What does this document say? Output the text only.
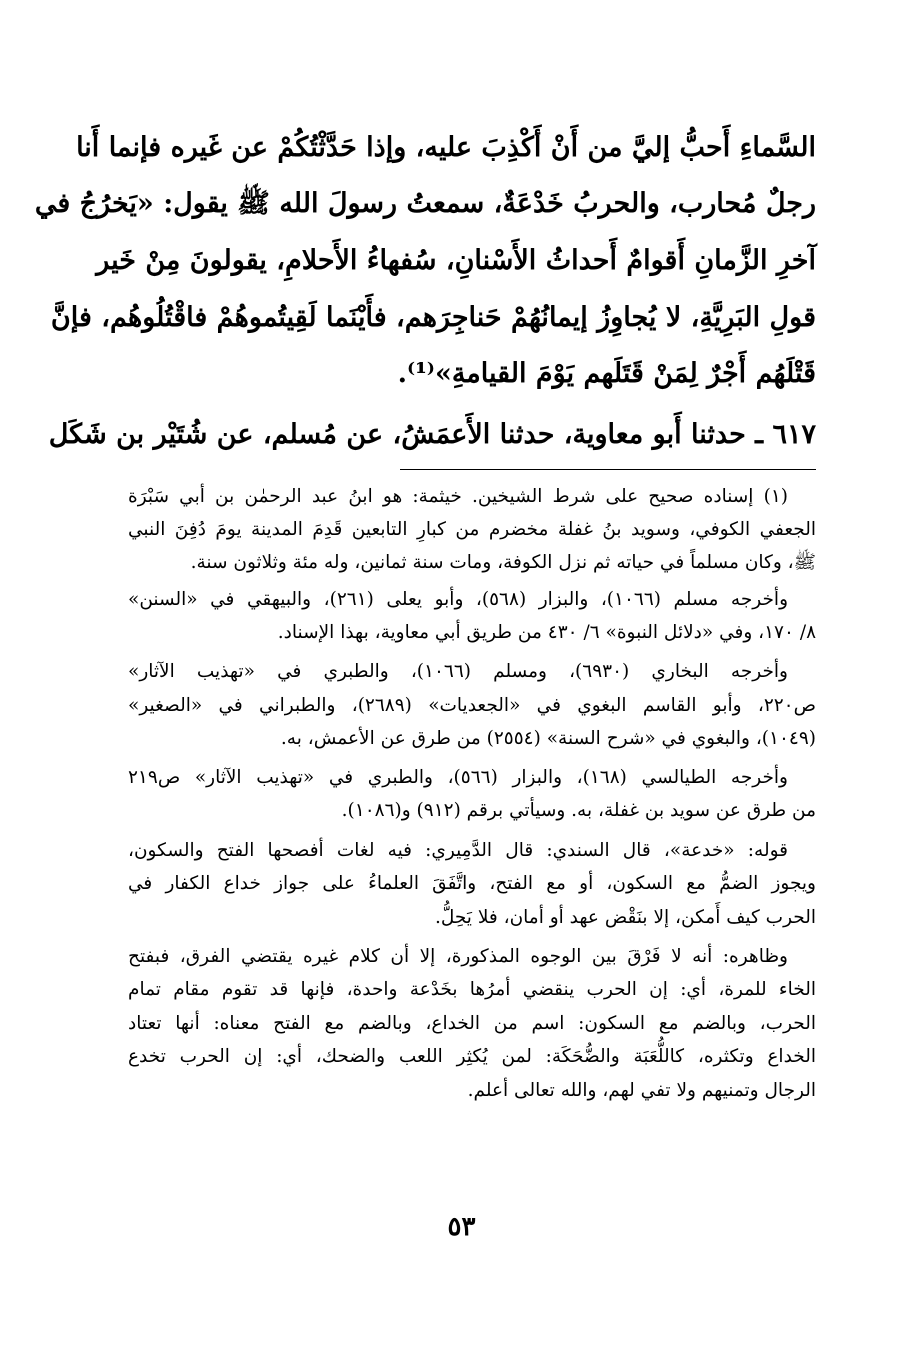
السَّماءِ أَحبُّ إليَّ من أَنْ أَكْذِبَ عليه، وإذا حَدَّثْتُكُمْ عن غَيره فإنما أَنا
رجلٌ مُحارب، والحربُ خَدْعَةٌ، سمعتُ رسولَ الله ﷺ يقول: «يَخرُجُ في
آخرِ الزَّمانِ أَقوامٌ أَحداثُ الأَسْنانِ، سُفهاءُ الأَحلامِ، يقولونَ مِنْ خَير
قولِ البَرِيَّةِ، لا يُجاوِزُ إيمانُهُمْ حَناجِرَهم، فأَيْنَما لَقِيتُموهُمْ فاقْتُلُوهُم، فإنَّ
قَتْلَهُم أَجْرٌ لِمَنْ قَتَلَهم يَوْمَ القيامةِ»⁽¹⁾.
٦١٧ ـ حدثنا أَبو معاوية، حدثنا الأَعمَشُ، عن مُسلم، عن شُتَيْر بن شَكَل
(١) إسناده صحيح على شرط الشيخين. خيثمة: هو ابنُ عبد الرحمٰن بن أبي سَبْرَة
الجعفي الكوفي، وسويد بنُ غفلة مخضرم من كبارِ التابعين قَدِمَ المدينة يومَ دُفِنَ النبي
ﷺ، وكان مسلماً في حياته ثم نزل الكوفة، ومات سنة ثمانين، وله مئة وثلاثون سنة.
وأخرجه مسلم (١٠٦٦)، والبزار (٥٦٨)، وأبو يعلى (٢٦١)، والبيهقي في «السنن»
٨/ ١٧٠، وفي «دلائل النبوة» ٦/ ٤٣٠ من طريق أبي معاوية، بهذا الإسناد.
وأخرجه البخاري (٦٩٣٠)، ومسلم (١٠٦٦)، والطبري في «تهذيب الآثار»
ص٢٢٠، وأبو القاسم البغوي في «الجعديات» (٢٦٨٩)، والطبراني في «الصغير»
(١٠٤٩)، والبغوي في «شرح السنة» (٢٥٥٤) من طرق عن الأعمش، به.
وأخرجه الطيالسي (١٦٨)، والبزار (٥٦٦)، والطبري في «تهذيب الآثار» ص٢١٩
من طرق عن سويد بن غفلة، به. وسيأتي برقم (٩١٢) و(١٠٨٦).
قوله: «خدعة»، قال السندي: قال الدَّمِيري: فيه لغات أفصحها الفتح والسكون،
ويجوز الضمُّ مع السكون، أو مع الفتح، واتَّفَقَ العلماءُ على جواز خداع الكفار في
الحرب كيف أَمكن، إلا بنَقْض عهد أو أمان، فلا يَحِلُّ.
وظاهره: أنه لا فَرْقَ بين الوجوه المذكورة، إلا أن كلام غيره يقتضي الفرق، فبفتح
الخاء للمرة، أي: إن الحرب ينقضي أمرُها بخَدْعة واحدة، فإنها قد تقوم مقام تمام
الحرب، وبالضم مع السكون: اسم من الخداع، وبالضم مع الفتح معناه: أنها تعتاد
الخداع وتكثره، كاللُّعَبَة والضُّحَكَة: لمن يُكثِر اللعب والضحك، أي: إن الحرب تخدع
الرجال وتمنيهم ولا تفي لهم، والله تعالى أعلم.
٥٣
